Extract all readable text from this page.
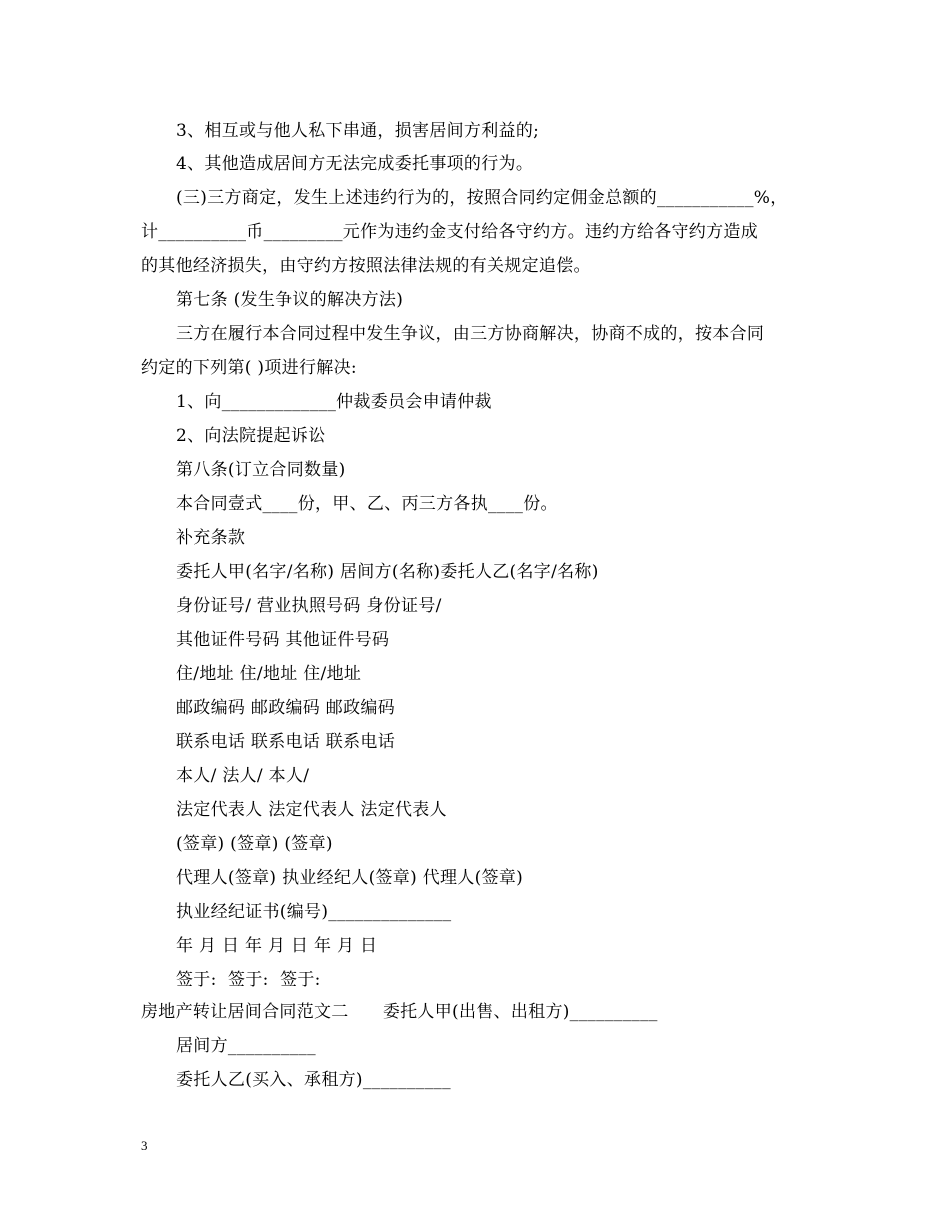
3、相互或与他人私下串通，损害居间方利益的;
4、其他造成居间方无法完成委托事项的行为。
(三)三方商定，发生上述违约行为的，按照合同约定佣金总额的___________%，
计__________币_________元作为违约金支付给各守约方。违约方给各守约方造成
的其他经济损失，由守约方按照法律法规的有关规定追偿。
第七条 (发生争议的解决方法)
三方在履行本合同过程中发生争议，由三方协商解决，协商不成的，按本合同
约定的下列第( )项进行解决:
1、向_____________仲裁委员会申请仲裁
2、向法院提起诉讼
第八条(订立合同数量)
本合同壹式____份，甲、乙、丙三方各执____份。
补充条款
委托人甲(名字/名称) 居间方(名称)委托人乙(名字/名称)
身份证号/ 营业执照号码 身份证号/
其他证件号码 其他证件号码
住/地址 住/地址 住/地址
邮政编码 邮政编码 邮政编码
联系电话 联系电话 联系电话
本人/ 法人/ 本人/
法定代表人 法定代表人 法定代表人
(签章) (签章) (签章)
代理人(签章) 执业经纪人(签章) 代理人(签章)
执业经纪证书(编号)______________
年 月 日 年 月 日 年 月 日
签于:  签于:  签于:
房地产转让居间合同范文二      委托人甲(出售、出租方)__________
居间方__________
委托人乙(买入、承租方)__________
3
